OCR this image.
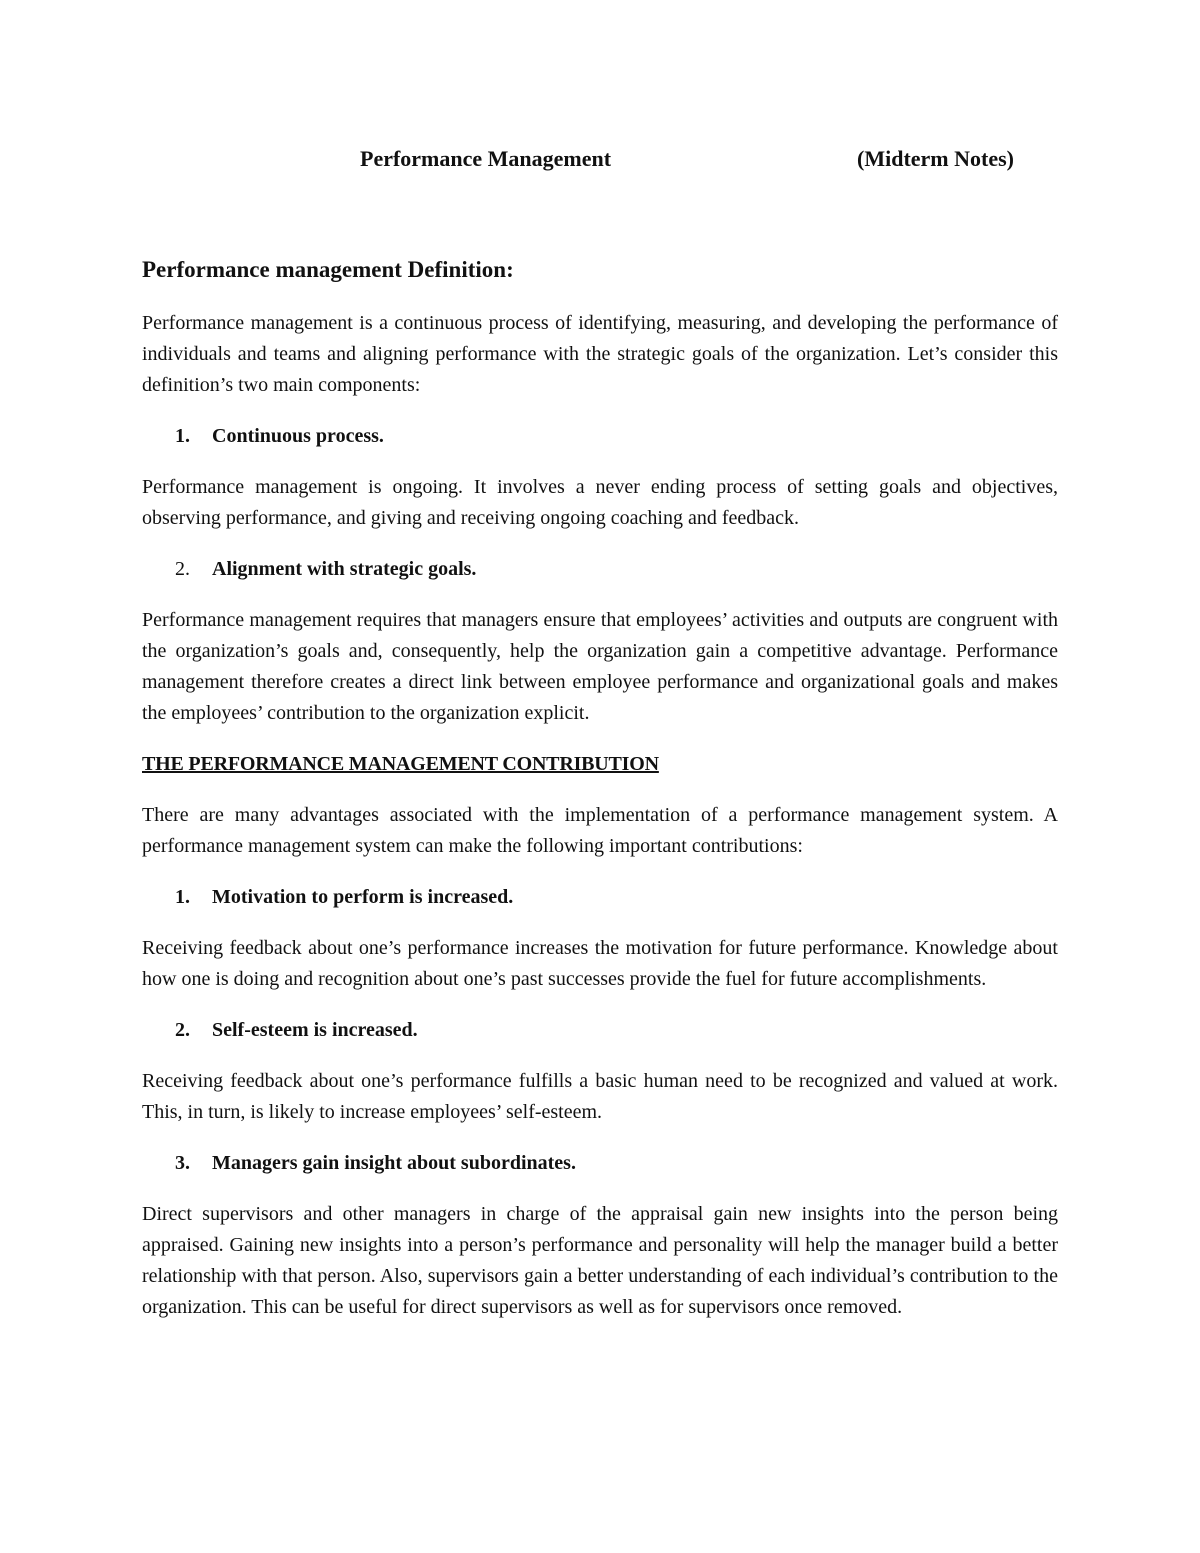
Performance Management	(Midterm Notes)
Performance management Definition:

Performance management is a continuous process of identifying, measuring, and developing the performance of individuals and teams and aligning performance with the strategic goals of the organization. Let’s consider this definition’s two main components:

1. Continuous process.

Performance management is ongoing. It involves a never ending process of setting goals and objectives, observing performance, and giving and receiving ongoing coaching and feedback.

2. Alignment with strategic goals.

Performance management requires that managers ensure that employees’ activities and outputs are congruent with the organization’s goals and, consequently, help the organization gain a competitive advantage. Performance management therefore creates a direct link between employee performance and organizational goals and makes the employees’ contribution to the organization explicit.

THE PERFORMANCE MANAGEMENT CONTRIBUTION

There are many advantages associated with the implementation of a performance management system. A performance management system can make the following important contributions:

1. Motivation to perform is increased.

Receiving feedback about one’s performance increases the motivation for future performance. Knowledge about how one is doing and recognition about one’s past successes provide the fuel for future accomplishments.

2. Self-esteem is increased.

Receiving feedback about one’s performance fulfills a basic human need to be recognized and valued at work. This, in turn, is likely to increase employees’ self-esteem.

3. Managers gain insight about subordinates.

Direct supervisors and other managers in charge of the appraisal gain new insights into the person being appraised. Gaining new insights into a person’s performance and personality will help the manager build a better relationship with that person. Also, supervisors gain a better understanding of each individual’s contribution to the organization. This can be useful for direct supervisors as well as for supervisors once removed.
